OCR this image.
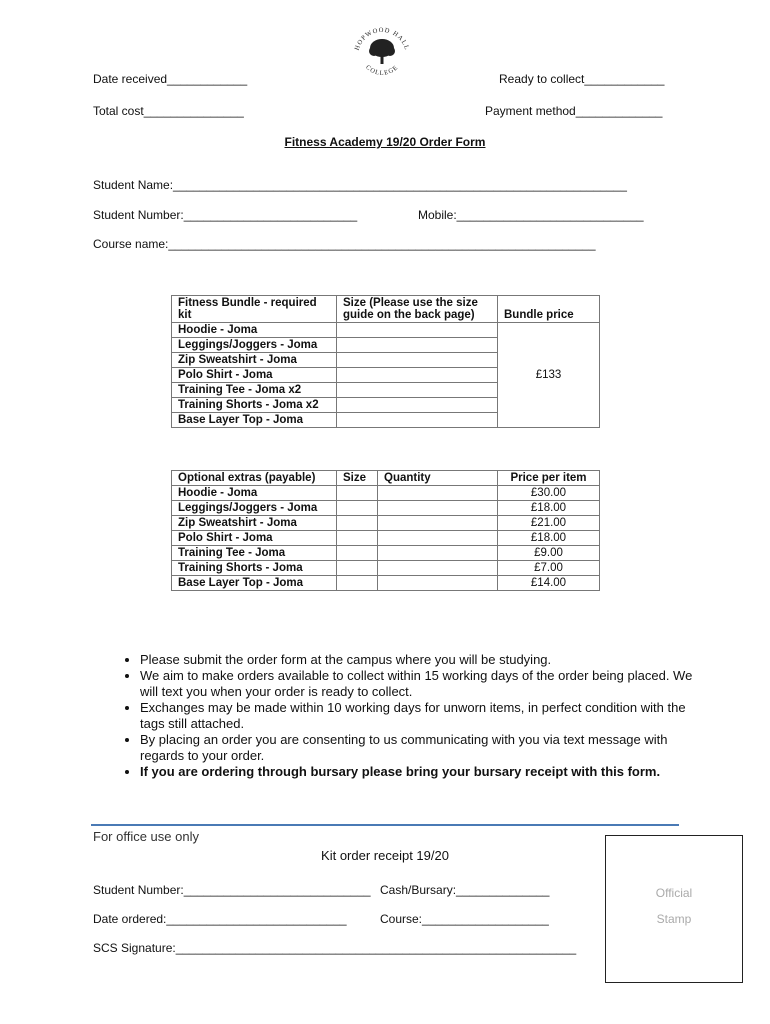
HOPWOOD HALL
COLLEGE
Date received____________	Ready to collect____________
Total cost_______________	Payment method_____________
Fitness Academy 19/20 Order Form
Student Name:____________________________________________________________________
Student Number:__________________________	Mobile:____________________________
Course name:________________________________________________________________
Fitness Bundle - required kit	Size (Please use the size guide on the back page)	Bundle price
Hoodie - Joma		£133
Leggings/Joggers - Joma		
Zip Sweatshirt - Joma		
Polo Shirt - Joma		
Training Tee - Joma x2		
Training Shorts - Joma x2		
Base Layer Top - Joma		
Optional extras (payable)	Size	Quantity	Price per item
Hoodie - Joma			£30.00
Leggings/Joggers - Joma			£18.00
Zip Sweatshirt - Joma			£21.00
Polo Shirt - Joma			£18.00
Training Tee - Joma			£9.00
Training Shorts - Joma			£7.00
Base Layer Top - Joma			£14.00
• Please submit the order form at the campus where you will be studying.
• We aim to make orders available to collect within 15 working days of the order being placed. We will text you when your order is ready to collect.
• Exchanges may be made within 10 working days for unworn items, in perfect condition with the tags still attached.
• By placing an order you are consenting to us communicating with you via text message with regards to your order.
• If you are ordering through bursary please bring your bursary receipt with this form.
For office use only
Kit order receipt 19/20
Student Number:____________________________ Cash/Bursary:______________
Date ordered:___________________________	Course:___________________
SCS Signature:____________________________________________________________
Official
Stamp
